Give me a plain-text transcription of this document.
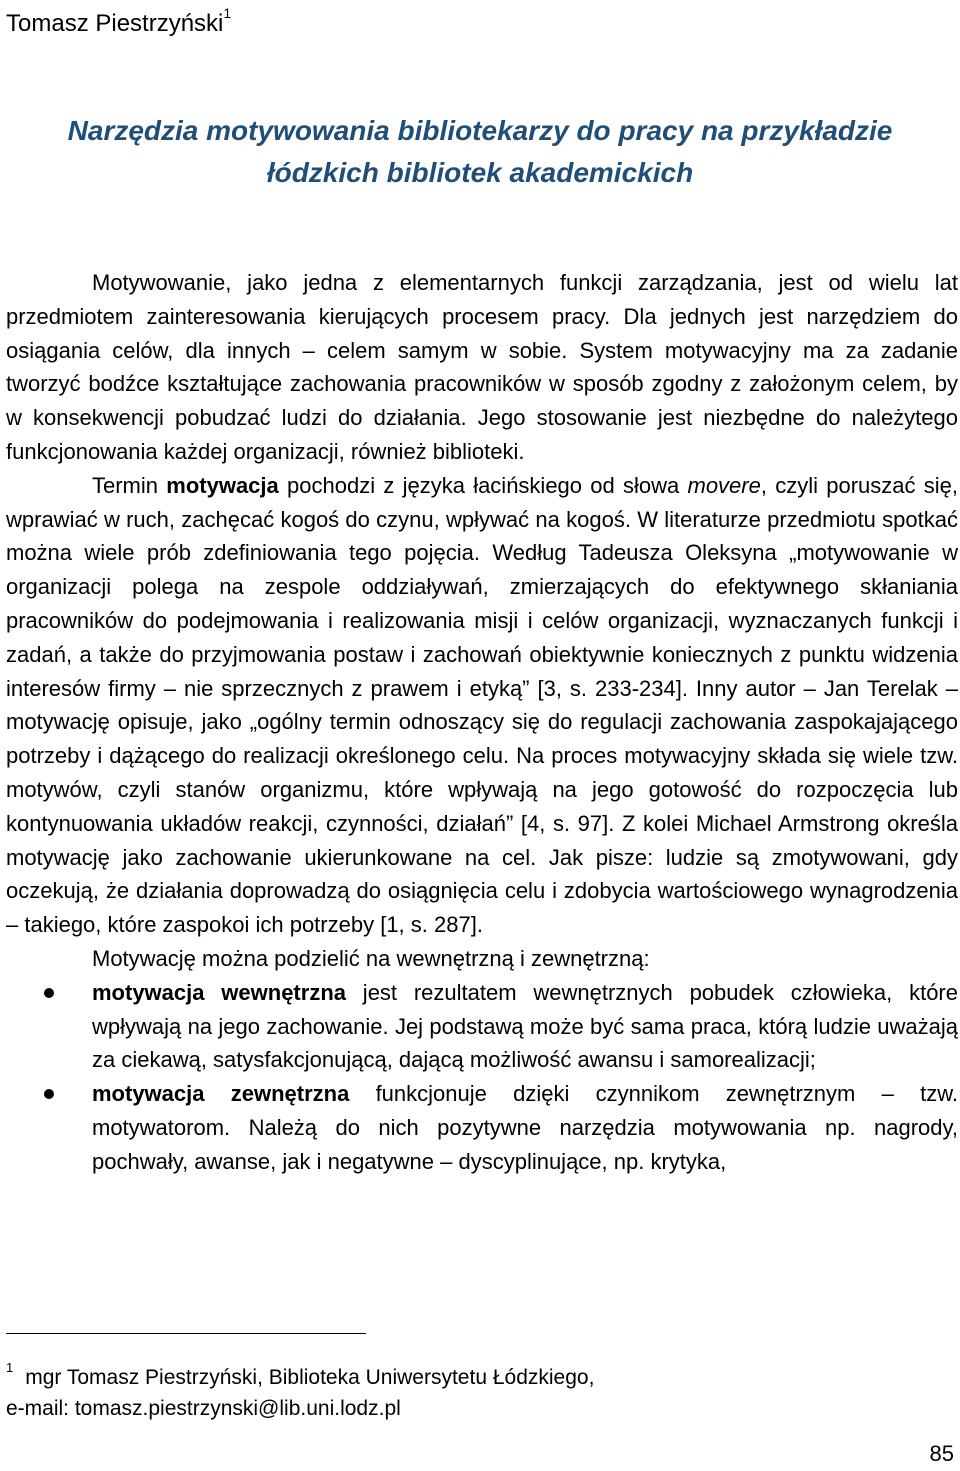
Tomasz Piestrzyński$^1$
Narzędzia motywowania bibliotekarzy do pracy na przykładzie
łódzkich bibliotek akademickich

Motywowanie, jako jedna z elementarnych funkcji zarządzania, jest od wielu lat przedmiotem zainteresowania kierujących procesem pracy. Dla jednych jest narzędziem do osiągania celów, dla innych – celem samym w sobie. System motywacyjny ma za zadanie tworzyć bodźce kształtujące zachowania pracowników w sposób zgodny z założonym celem, by w konsekwencji pobudzać ludzi do działania. Jego stosowanie jest niezbędne do należytego funkcjonowania każdej organizacji, również biblioteki.

Termin motywacja pochodzi z języka łacińskiego od słowa movere, czyli poruszać się, wprawiać w ruch, zachęcać kogoś do czynu, wpływać na kogoś. W literaturze przedmiotu spotkać można wiele prób zdefiniowania tego pojęcia. Według Tadeusza Oleksyna „motywowanie w organizacji polega na zespole oddziaływań, zmierzających do efektywnego skłaniania pracowników do podejmowania i realizowania misji i celów organizacji, wyznaczanych funkcji i zadań, a także do przyjmowania postaw i zachowań obiektywnie koniecznych z punktu widzenia interesów firmy – nie sprzecznych z prawem i etyką” [3, s. 233-234]. Inny autor – Jan Terelak – motywację opisuje, jako „ogólny termin odnoszący się do regulacji zachowania zaspokajającego potrzeby i dążącego do realizacji określonego celu. Na proces motywacyjny składa się wiele tzw. motywów, czyli stanów organizmu, które wpływają na jego gotowość do rozpoczęcia lub kontynuowania układów reakcji, czynności, działań” [4, s. 97]. Z kolei Michael Armstrong określa motywację jako zachowanie ukierunkowane na cel. Jak pisze: ludzie są zmotywowani, gdy oczekują, że działania doprowadzą do osiągnięcia celu i zdobycia wartościowego wynagrodzenia – takiego, które zaspokoi ich potrzeby [1, s. 287].

Motywację można podzielić na wewnętrzną i zewnętrzną:

motywacja wewnętrzna jest rezultatem wewnętrznych pobudek człowieka, które wpływają na jego zachowanie. Jej podstawą może być sama praca, którą ludzie uważają za ciekawą, satysfakcjonującą, dającą możliwość awansu i samorealizacji;
motywacja zewnętrzna funkcjonuje dzięki czynnikom zewnętrznym – tzw. motywatorom. Należą do nich pozytywne narzędzia motywowania np. nagrody, pochwały, awanse, jak i negatywne – dyscyplinujące, np. krytyka,
$^1$ mgr Tomasz Piestrzyński, Biblioteka Uniwersytetu Łódzkiego,
e-mail: tomasz.piestrzynski@lib.uni.lodz.pl
85
